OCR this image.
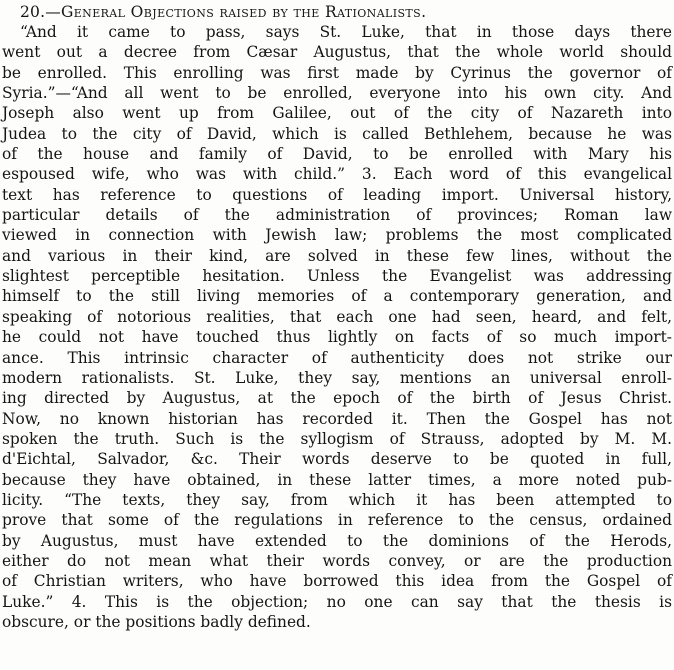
20.—General Objections raised by the Rationalists.
“And it came to pass, says St. Luke, that in those days there
went out a decree from Cæsar Augustus, that the whole world should
be enrolled. This enrolling was first made by Cyrinus the governor of
Syria.”—“And all went to be enrolled, everyone into his own city. And
Joseph also went up from Galilee, out of the city of Nazareth into
Judea to the city of David, which is called Bethlehem, because he was
of the house and family of David, to be enrolled with Mary his
espoused wife, who was with child.” 3. Each word of this evangelical
text has reference to questions of leading import. Universal history,
particular details of the administration of provinces; Roman law
viewed in connection with Jewish law; problems the most complicated
and various in their kind, are solved in these few lines, without the
slightest perceptible hesitation. Unless the Evangelist was addressing
himself to the still living memories of a contemporary generation, and
speaking of notorious realities, that each one had seen, heard, and felt,
he could not have touched thus lightly on facts of so much import-
ance. This intrinsic character of authenticity does not strike our
modern rationalists. St. Luke, they say, mentions an universal enroll-
ing directed by Augustus, at the epoch of the birth of Jesus Christ.
Now, no known historian has recorded it. Then the Gospel has not
spoken the truth. Such is the syllogism of Strauss, adopted by M. M.
d'Eichtal, Salvador, &c. Their words deserve to be quoted in full,
because they have obtained, in these latter times, a more noted pub-
licity. “The texts, they say, from which it has been attempted to
prove that some of the regulations in reference to the census, ordained
by Augustus, must have extended to the dominions of the Herods,
either do not mean what their words convey, or are the production
of Christian writers, who have borrowed this idea from the Gospel of
Luke.” 4. This is the objection; no one can say that the thesis is
obscure, or the positions badly defined.
